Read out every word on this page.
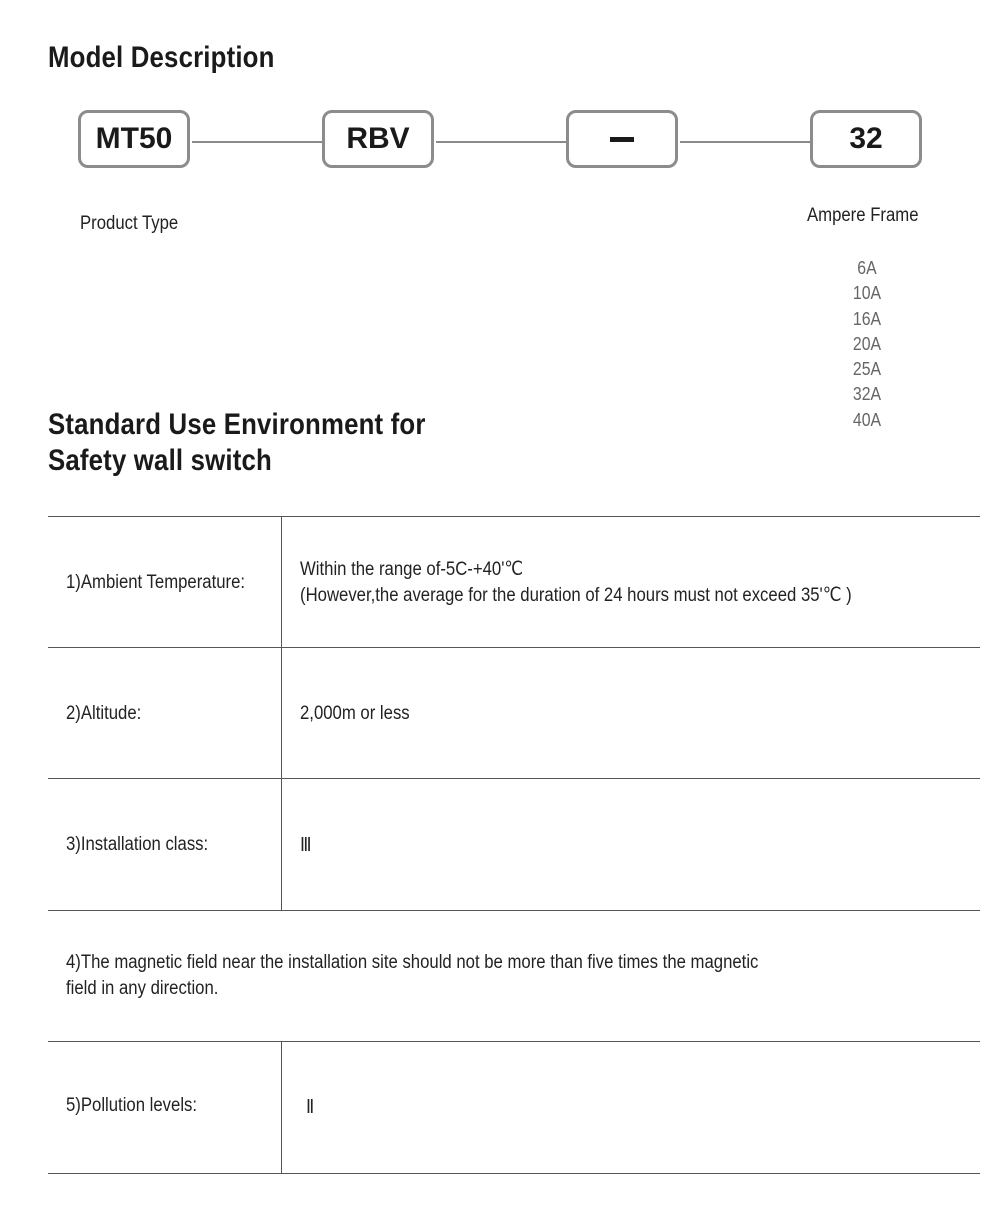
Model Description
MT50	RBV	32
Product Type	Ampere Frame
6A
10A
16A
20A
25A
32A
40A
Standard Use Environment for
Safety wall switch
1)Ambient Temperature:
Within the range of-5C-+40'℃
(However,the average for the duration of 24 hours must not exceed 35'℃ )
2)Altitude:	2,000m or less
3)Installation class:	Ⅲ
4)The magnetic field near the installation site should not be more than five times the magnetic
field in any direction.
5)Pollution levels:	Ⅱ
